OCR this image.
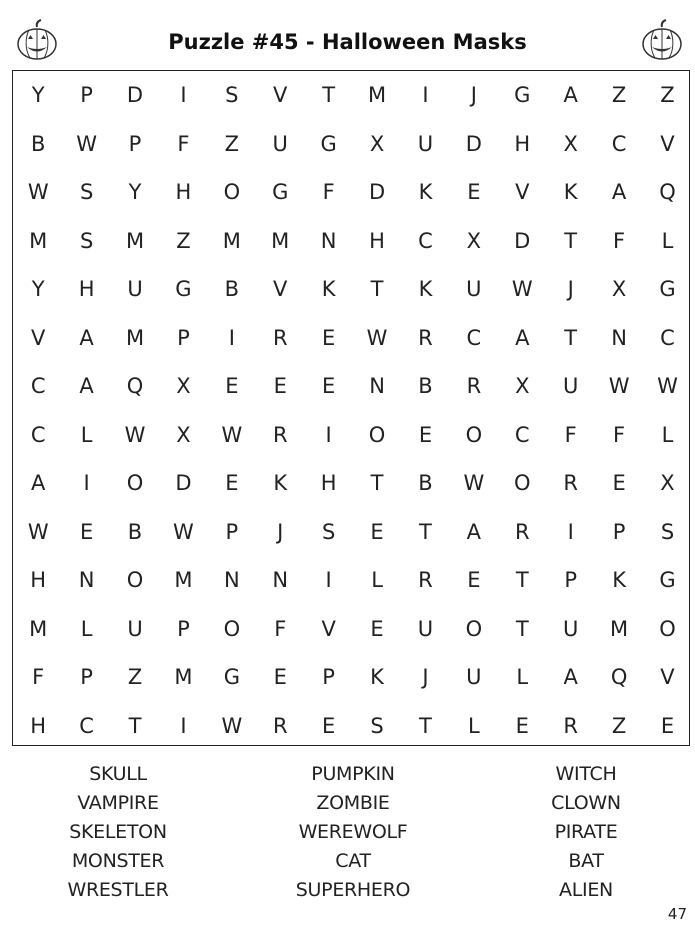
Puzzle #45 - Halloween Masks
Y	P	D	I	S	V	T	M	I	J	G	A	Z	Z
B	W	P	F	Z	U	G	X	U	D	H	X	C	V
W	S	Y	H	O	G	F	D	K	E	V	K	A	Q
M	S	M	Z	M	M	N	H	C	X	D	T	F	L
Y	H	U	G	B	V	K	T	K	U	W	J	X	G
V	A	M	P	I	R	E	W	R	C	A	T	N	C
C	A	Q	X	E	E	E	N	B	R	X	U	W	W
C	L	W	X	W	R	I	O	E	O	C	F	F	L
A	I	O	D	E	K	H	T	B	W	O	R	E	X
W	E	B	W	P	J	S	E	T	A	R	I	P	S
H	N	O	M	N	N	I	L	R	E	T	P	K	G
M	L	U	P	O	F	V	E	U	O	T	U	M	O
F	P	Z	M	G	E	P	K	J	U	L	A	Q	V
H	C	T	I	W	R	E	S	T	L	E	R	Z	E
SKULL
VAMPIRE
SKELETON
MONSTER
WRESTLER
PUMPKIN
ZOMBIE
WEREWOLF
CAT
SUPERHERO
WITCH
CLOWN
PIRATE
BAT
ALIEN
47
